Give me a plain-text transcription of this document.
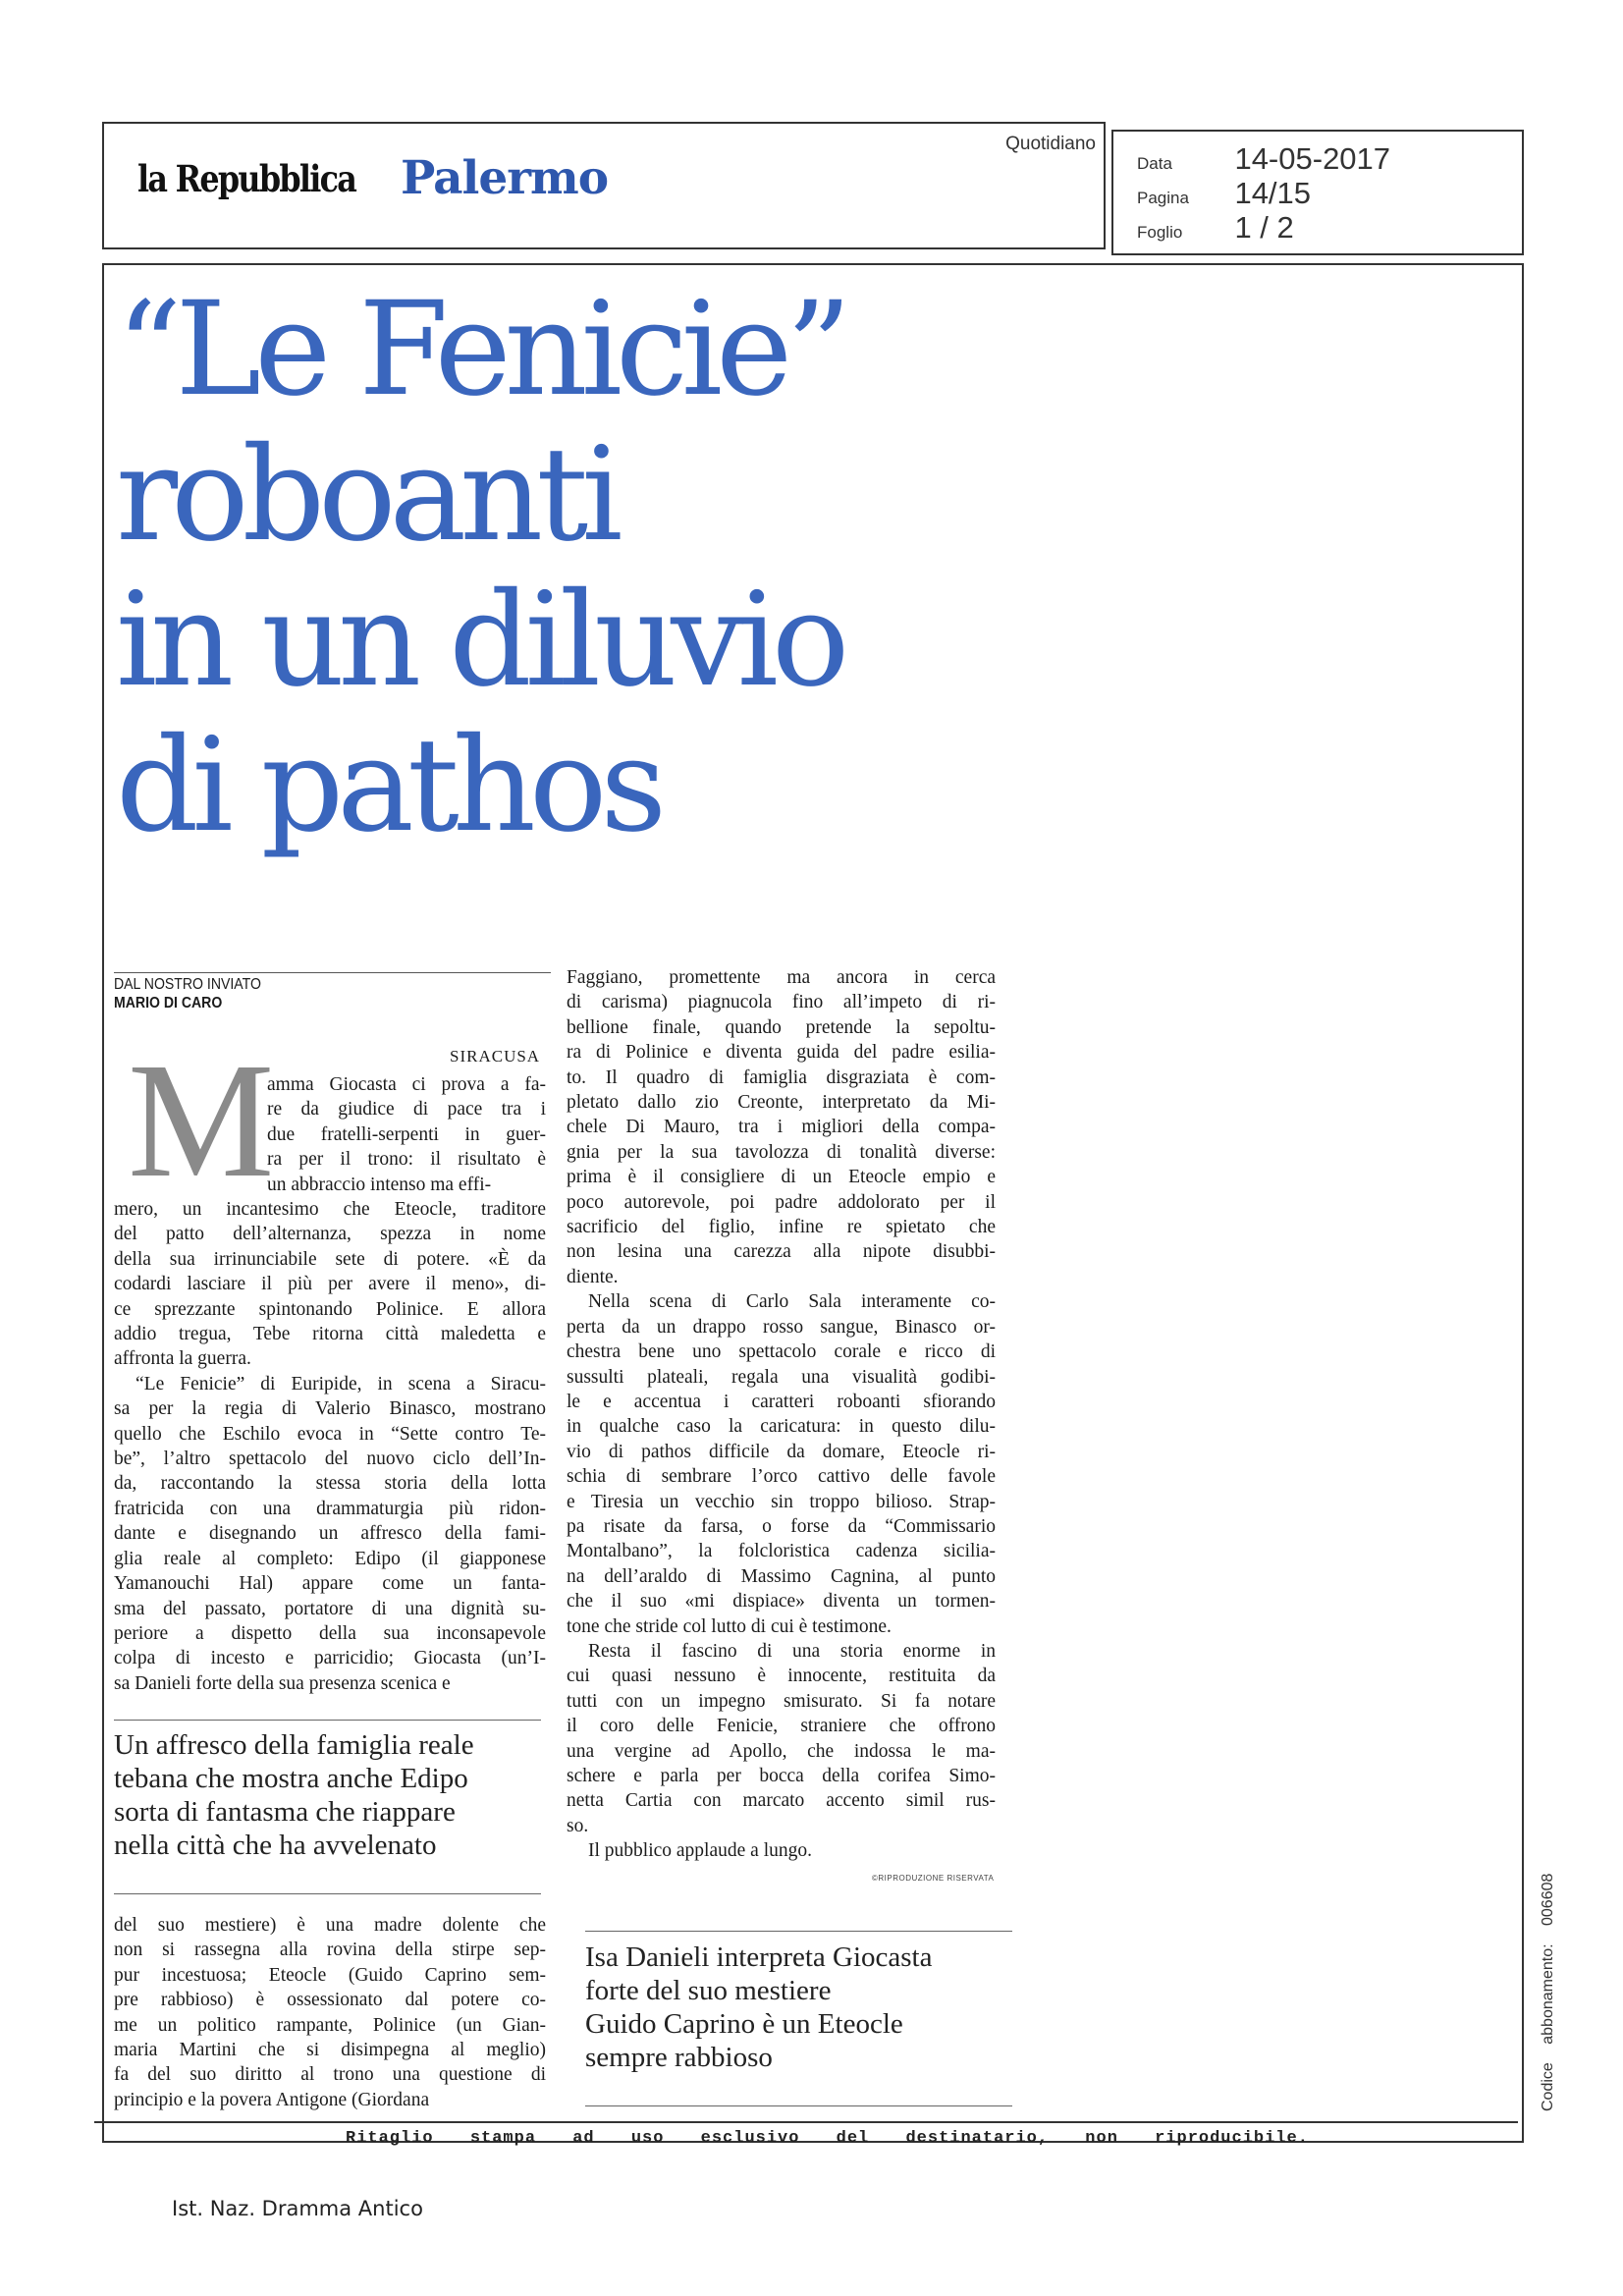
la Repubblica Palermo
Quotidiano
Data 14-05-2017
Pagina 14/15
Foglio 1 / 2
“Le Fenicie”
roboanti
in un diluvio
di pathos
DAL NOSTRO INVIATO
MARIO DI CARO
SIRACUSA
M
amma Giocasta ci prova a fa-
re da giudice di pace tra i
due fratelli-serpenti in guer-
ra per il trono: il risultato è
un abbraccio intenso ma effi-
mero, un incantesimo che Eteocle, traditore
del patto dell’alternanza, spezza in nome
della sua irrinunciabile sete di potere. «È da
codardi lasciare il più per avere il meno», di-
ce sprezzante spintonando Polinice. E allora
addio tregua, Tebe ritorna città maledetta e
affronta la guerra.
“Le Fenicie” di Euripide, in scena a Siracu-
sa per la regia di Valerio Binasco, mostrano
quello che Eschilo evoca in “Sette contro Te-
be”, l’altro spettacolo del nuovo ciclo dell’In-
da, raccontando la stessa storia della lotta
fratricida con una drammaturgia più ridon-
dante e disegnando un affresco della fami-
glia reale al completo: Edipo (il giapponese
Yamanouchi Hal) appare come un fanta-
sma del passato, portatore di una dignità su-
periore a dispetto della sua inconsapevole
colpa di incesto e parricidio; Giocasta (un’I-
sa Danieli forte della sua presenza scenica e
Un affresco della famiglia reale
tebana che mostra anche Edipo
sorta di fantasma che riappare
nella città che ha avvelenato
del suo mestiere) è una madre dolente che
non si rassegna alla rovina della stirpe sep-
pur incestuosa; Eteocle (Guido Caprino sem-
pre rabbioso) è ossessionato dal potere co-
me un politico rampante, Polinice (un Gian-
maria Martini che si disimpegna al meglio)
fa del suo diritto al trono una questione di
principio e la povera Antigone (Giordana
Faggiano, promettente ma ancora in cerca
di carisma) piagnucola fino all’impeto di ri-
bellione finale, quando pretende la sepoltu-
ra di Polinice e diventa guida del padre esilia-
to. Il quadro di famiglia disgraziata è com-
pletato dallo zio Creonte, interpretato da Mi-
chele Di Mauro, tra i migliori della compa-
gnia per la sua tavolozza di tonalità diverse:
prima è il consigliere di un Eteocle empio e
poco autorevole, poi padre addolorato per il
sacrificio del figlio, infine re spietato che
non lesina una carezza alla nipote disubbi-
diente.
Nella scena di Carlo Sala interamente co-
perta da un drappo rosso sangue, Binasco or-
chestra bene uno spettacolo corale e ricco di
sussulti plateali, regala una visualità godibi-
le e accentua i caratteri roboanti sfiorando
in qualche caso la caricatura: in questo dilu-
vio di pathos difficile da domare, Eteocle ri-
schia di sembrare l’orco cattivo delle favole
e Tiresia un vecchio sin troppo bilioso. Strap-
pa risate da farsa, o forse da “Commissario
Montalbano”, la folcloristica cadenza sicilia-
na dell’araldo di Massimo Cagnina, al punto
che il suo «mi dispiace» diventa un tormen-
tone che stride col lutto di cui è testimone.
Resta il fascino di una storia enorme in
cui quasi nessuno è innocente, restituita da
tutti con un impegno smisurato. Si fa notare
il coro delle Fenicie, straniere che offrono
una vergine ad Apollo, che indossa le ma-
schere e parla per bocca della corifea Simo-
netta Cartia con marcato accento simil rus-
so.
Il pubblico applaude a lungo.
©RIPRODUZIONE RISERVATA
Isa Danieli interpreta Giocasta
forte del suo mestiere
Guido Caprino è un Eteocle
sempre rabbioso
Ritaglio stampa ad uso esclusivo del destinatario, non riproducibile.
Codice abbonamento: 006608
Ist. Naz. Dramma Antico
